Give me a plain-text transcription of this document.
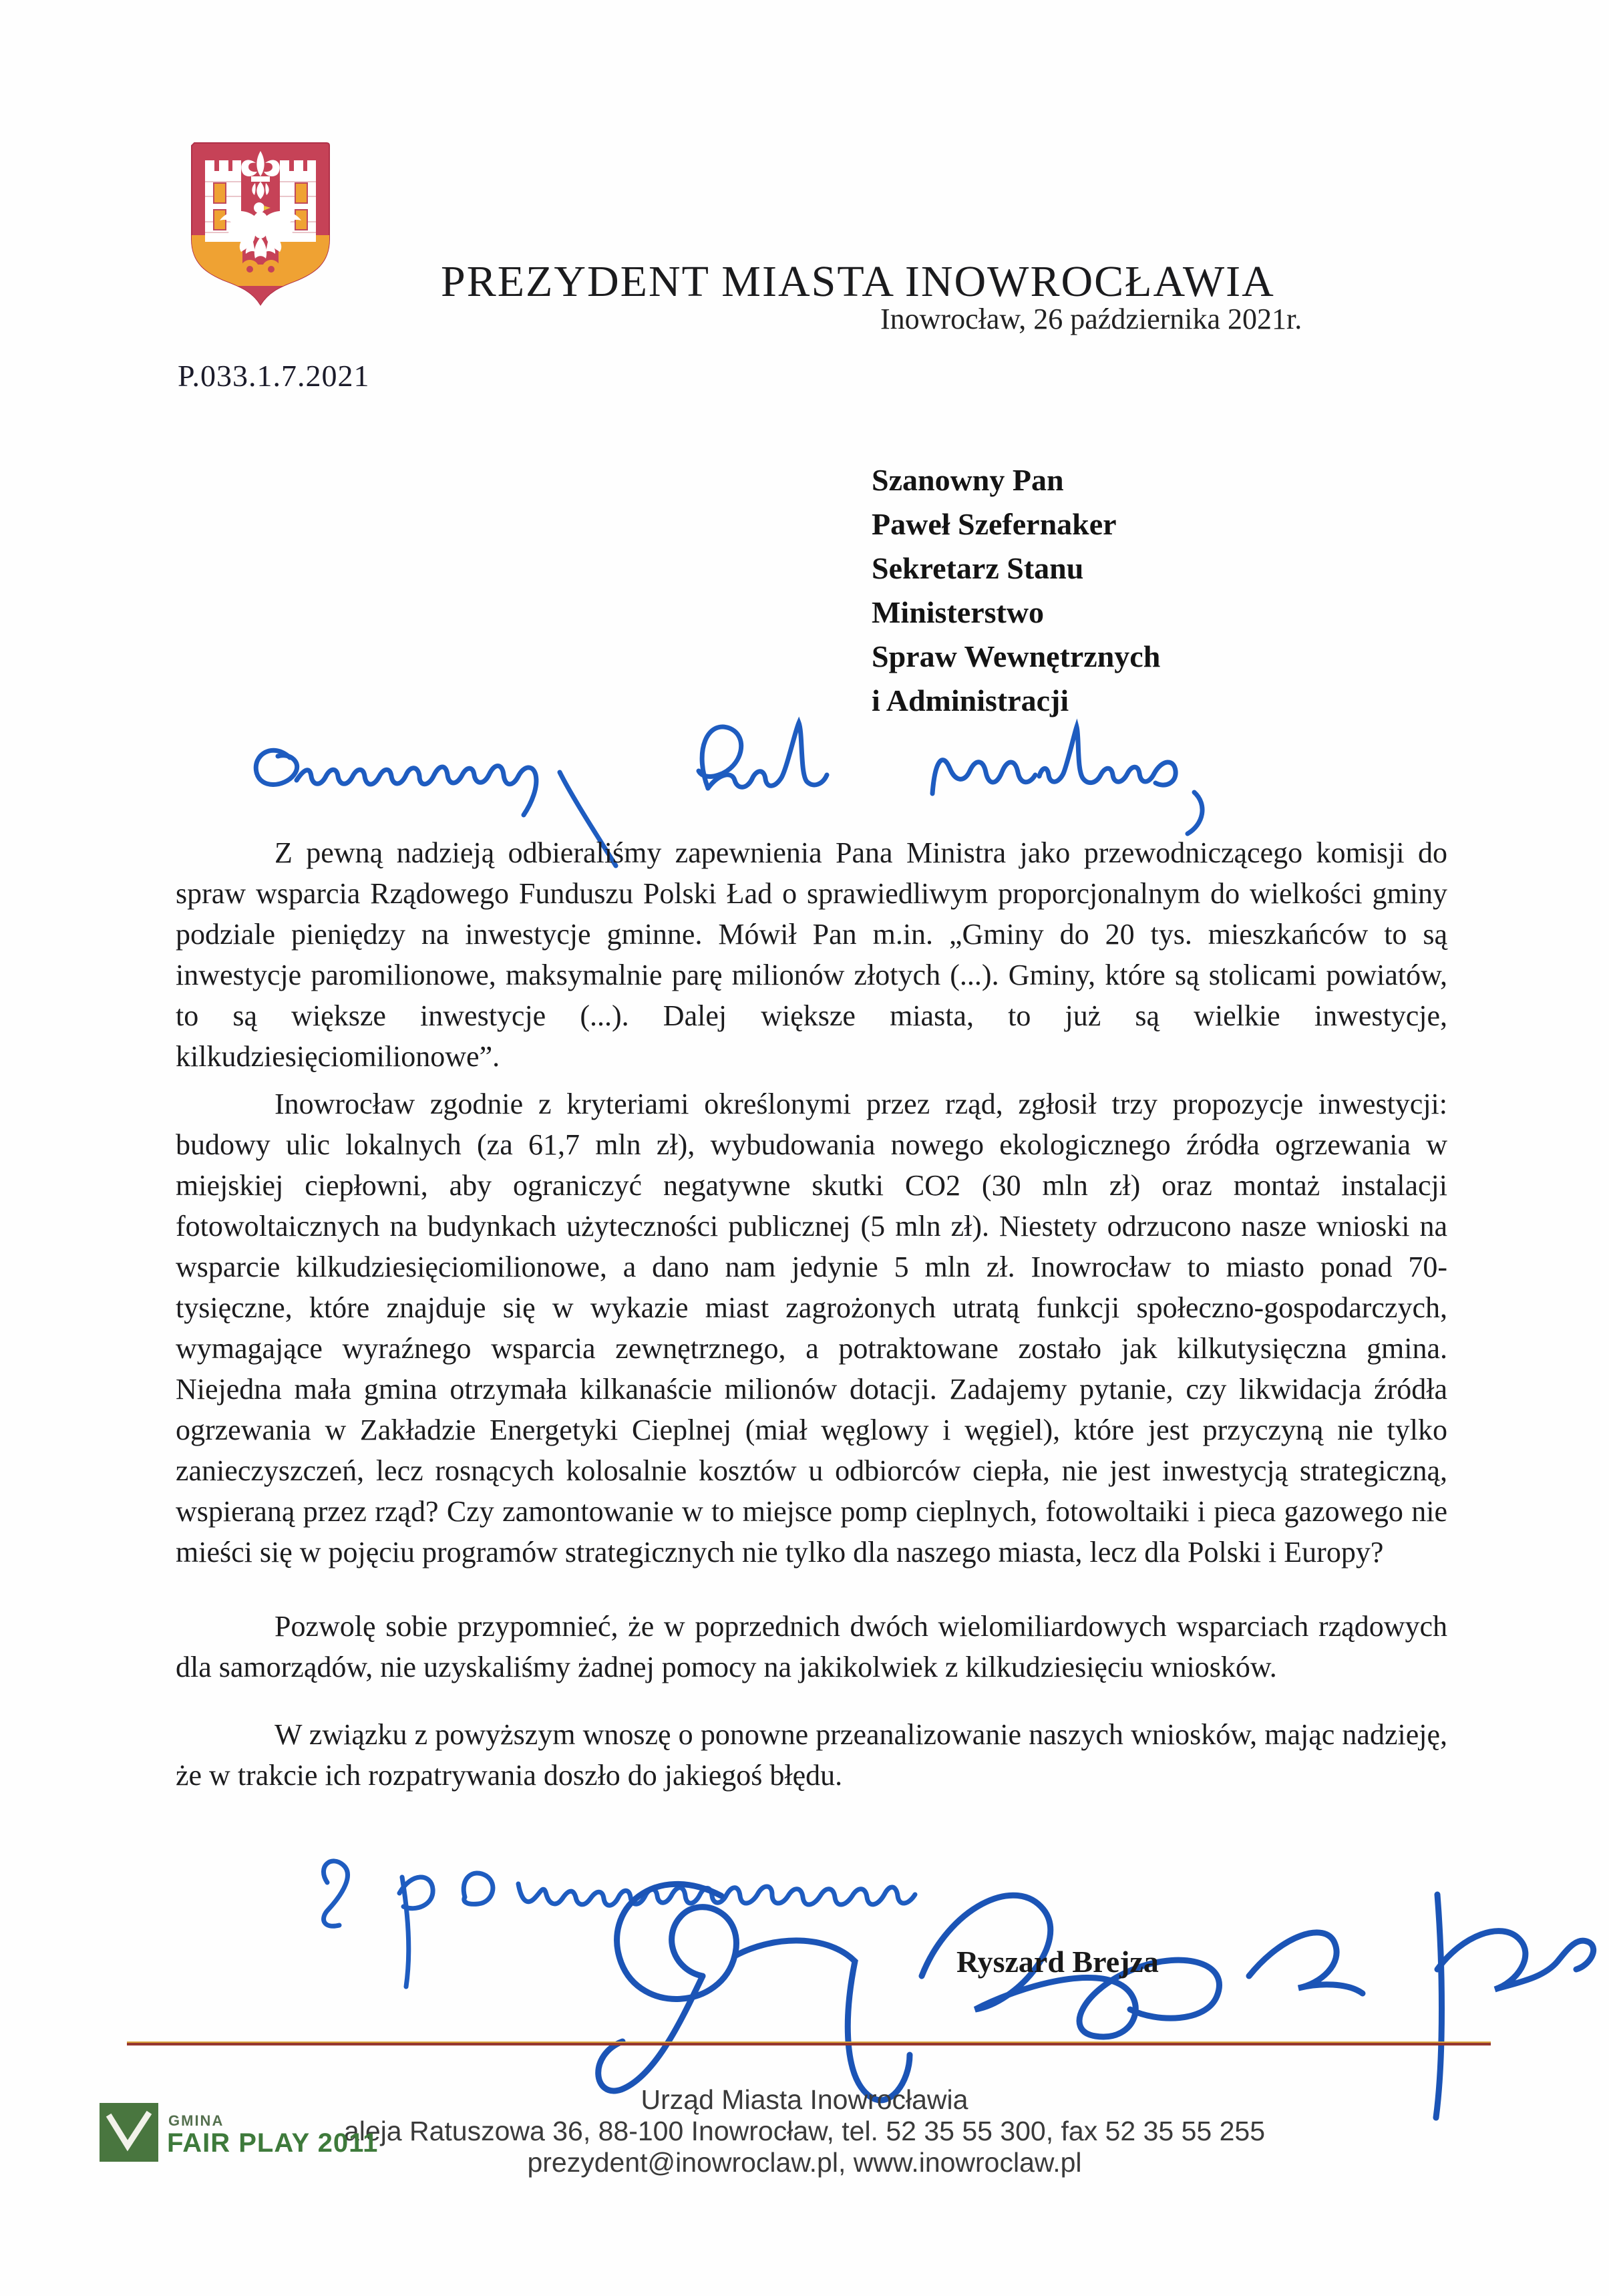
PREZYDENT MIASTA INOWROCŁAWIA
Inowrocław, 26 października 2021r.
P.033.1.7.2021
Szanowny Pan
Paweł Szefernaker
Sekretarz Stanu
Ministerstwo
Spraw Wewnętrznych
i Administracji

Z pewną nadzieją odbieraliśmy zapewnienia Pana Ministra jako przewodniczącego komisji do spraw wsparcia Rządowego Funduszu Polski Ład o sprawiedliwym proporcjonalnym do wielkości gminy podziale pieniędzy na inwestycje gminne. Mówił Pan m.in. „Gminy do 20 tys. mieszkańców to są inwestycje paromilionowe, maksymalnie parę milionów złotych (...). Gminy, które są stolicami powiatów, to są większe inwestycje (...). Dalej większe miasta, to już są wielkie inwestycje, kilkudziesięciomilionowe”.

Inowrocław zgodnie z kryteriami określonymi przez rząd, zgłosił trzy propozycje inwestycji: budowy ulic lokalnych (za 61,7 mln zł), wybudowania nowego ekologicznego źródła ogrzewania w miejskiej ciepłowni, aby ograniczyć negatywne skutki CO2 (30 mln zł) oraz montaż instalacji fotowoltaicznych na budynkach użyteczności publicznej (5 mln zł). Niestety odrzucono nasze wnioski na wsparcie kilkudziesięciomilionowe, a dano nam jedynie 5 mln zł. Inowrocław to miasto ponad 70-tysięczne, które znajduje się w wykazie miast zagrożonych utratą funkcji społeczno-gospodarczych, wymagające wyraźnego wsparcia zewnętrznego, a potraktowane zostało jak kilkutysięczna gmina. Niejedna mała gmina otrzymała kilkanaście milionów dotacji. Zadajemy pytanie, czy likwidacja źródła ogrzewania w Zakładzie Energetyki Cieplnej (miał węglowy i węgiel), które jest przyczyną nie tylko zanieczyszczeń, lecz rosnących kolosalnie kosztów u odbiorców ciepła, nie jest inwestycją strategiczną, wspieraną przez rząd? Czy zamontowanie w to miejsce pomp cieplnych, fotowoltaiki i pieca gazowego nie mieści się w pojęciu programów strategicznych nie tylko dla naszego miasta, lecz dla Polski i Europy?

Pozwolę sobie przypomnieć, że w poprzednich dwóch wielomiliardowych wsparciach rządowych dla samorządów, nie uzyskaliśmy żadnej pomocy na jakikolwiek z kilkudziesięciu wniosków.

W związku z powyższym wnoszę o ponowne przeanalizowanie naszych wniosków, mając nadzieję, że w trakcie ich rozpatrywania doszło do jakiegoś błędu.

Ryszard Brejza
Urząd Miasta Inowrocławia
aleja Ratuszowa 36, 88-100 Inowrocław, tel. 52 35 55 300, fax 52 35 55 255
prezydent@inowroclaw.pl, www.inowroclaw.pl
GMINA
FAIR PLAY 2011
